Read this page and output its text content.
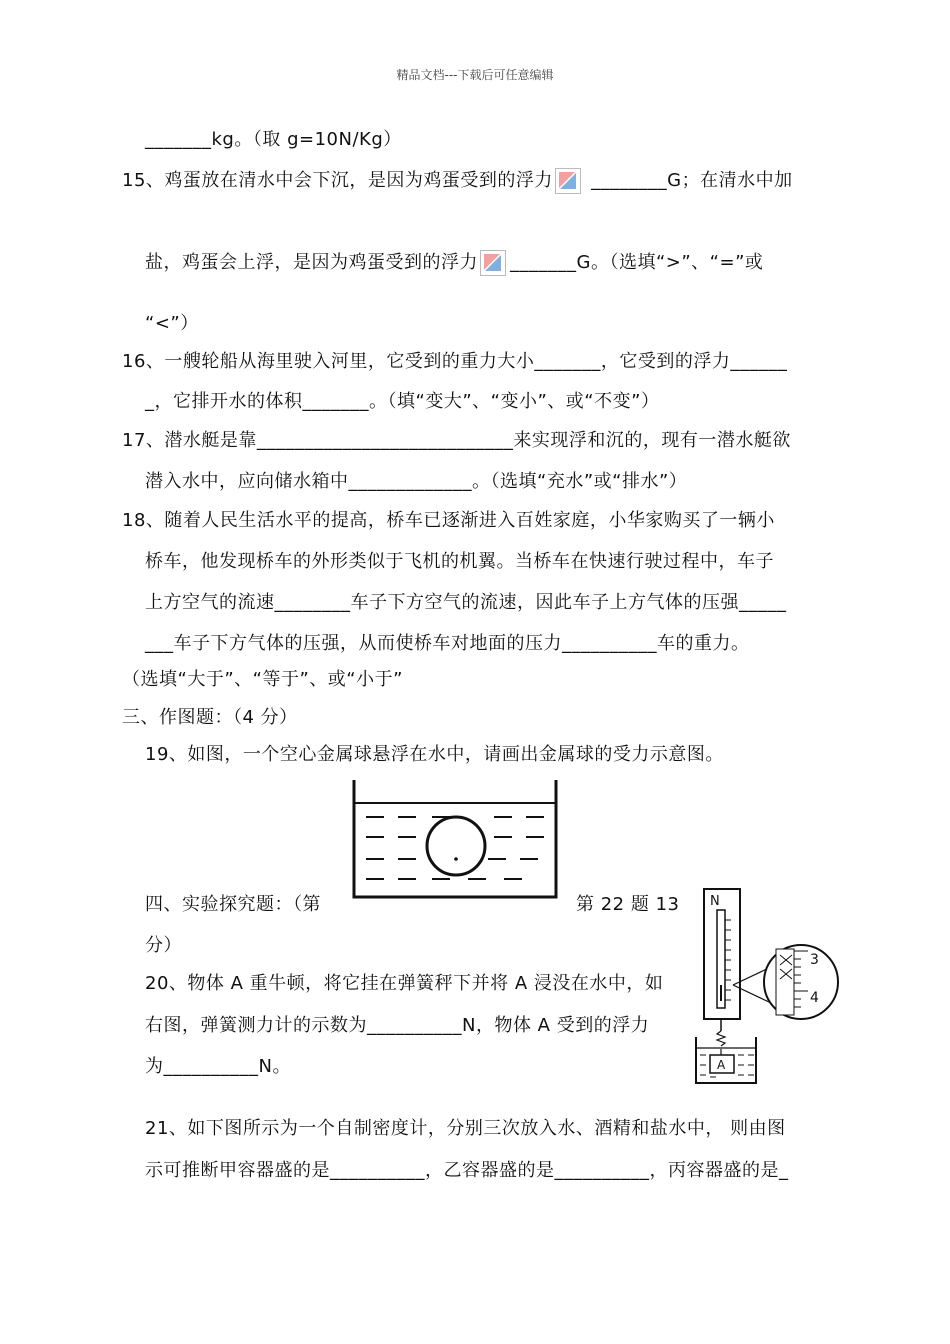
精品文档---下载后可任意编辑
_______kg。（取 g=10N/Kg）
15、鸡蛋放在清水中会下沉，是因为鸡蛋受到的浮力 ________G；在清水中加
盐，鸡蛋会上浮，是因为鸡蛋受到的浮力 _______G。（选填“>”、“=”或
“<”）
16、一艘轮船从海里驶入河里，它受到的重力大小_______，它受到的浮力______
_，它排开水的体积_______。（填“变大”、“变小”、或“不变”）
17、潜水艇是靠___________________________来实现浮和沉的，现有一潜水艇欲
潜入水中，应向储水箱中_____________。（选填“充水”或“排水”）
18、随着人民生活水平的提高，桥车已逐渐进入百姓家庭，小华家购买了一辆小
桥车，他发现桥车的外形类似于飞机的机翼。当桥车在快速行驶过程中，车子
上方空气的流速________车子下方空气的流速，因此车子上方气体的压强_____
___车子下方气体的压强，从而使桥车对地面的压力__________车的重力。
（选填“大于”、“等于”、或“小于”
三、作图题：（4 分）
19、如图，一个空心金属球悬浮在水中，请画出金属球的受力示意图。
四、实验探究题：（第	第 22 题 13
分）
20、物体 A 重牛顿，将它挂在弹簧秤下并将 A 浸没在水中，如
右图，弹簧测力计的示数为__________N，物体 A 受到的浮力
为__________N。
N
3
4
A
21、如下图所示为一个自制密度计，分别三次放入水、酒精和盐水中， 则由图
示可推断甲容器盛的是__________，乙容器盛的是__________，丙容器盛的是_
